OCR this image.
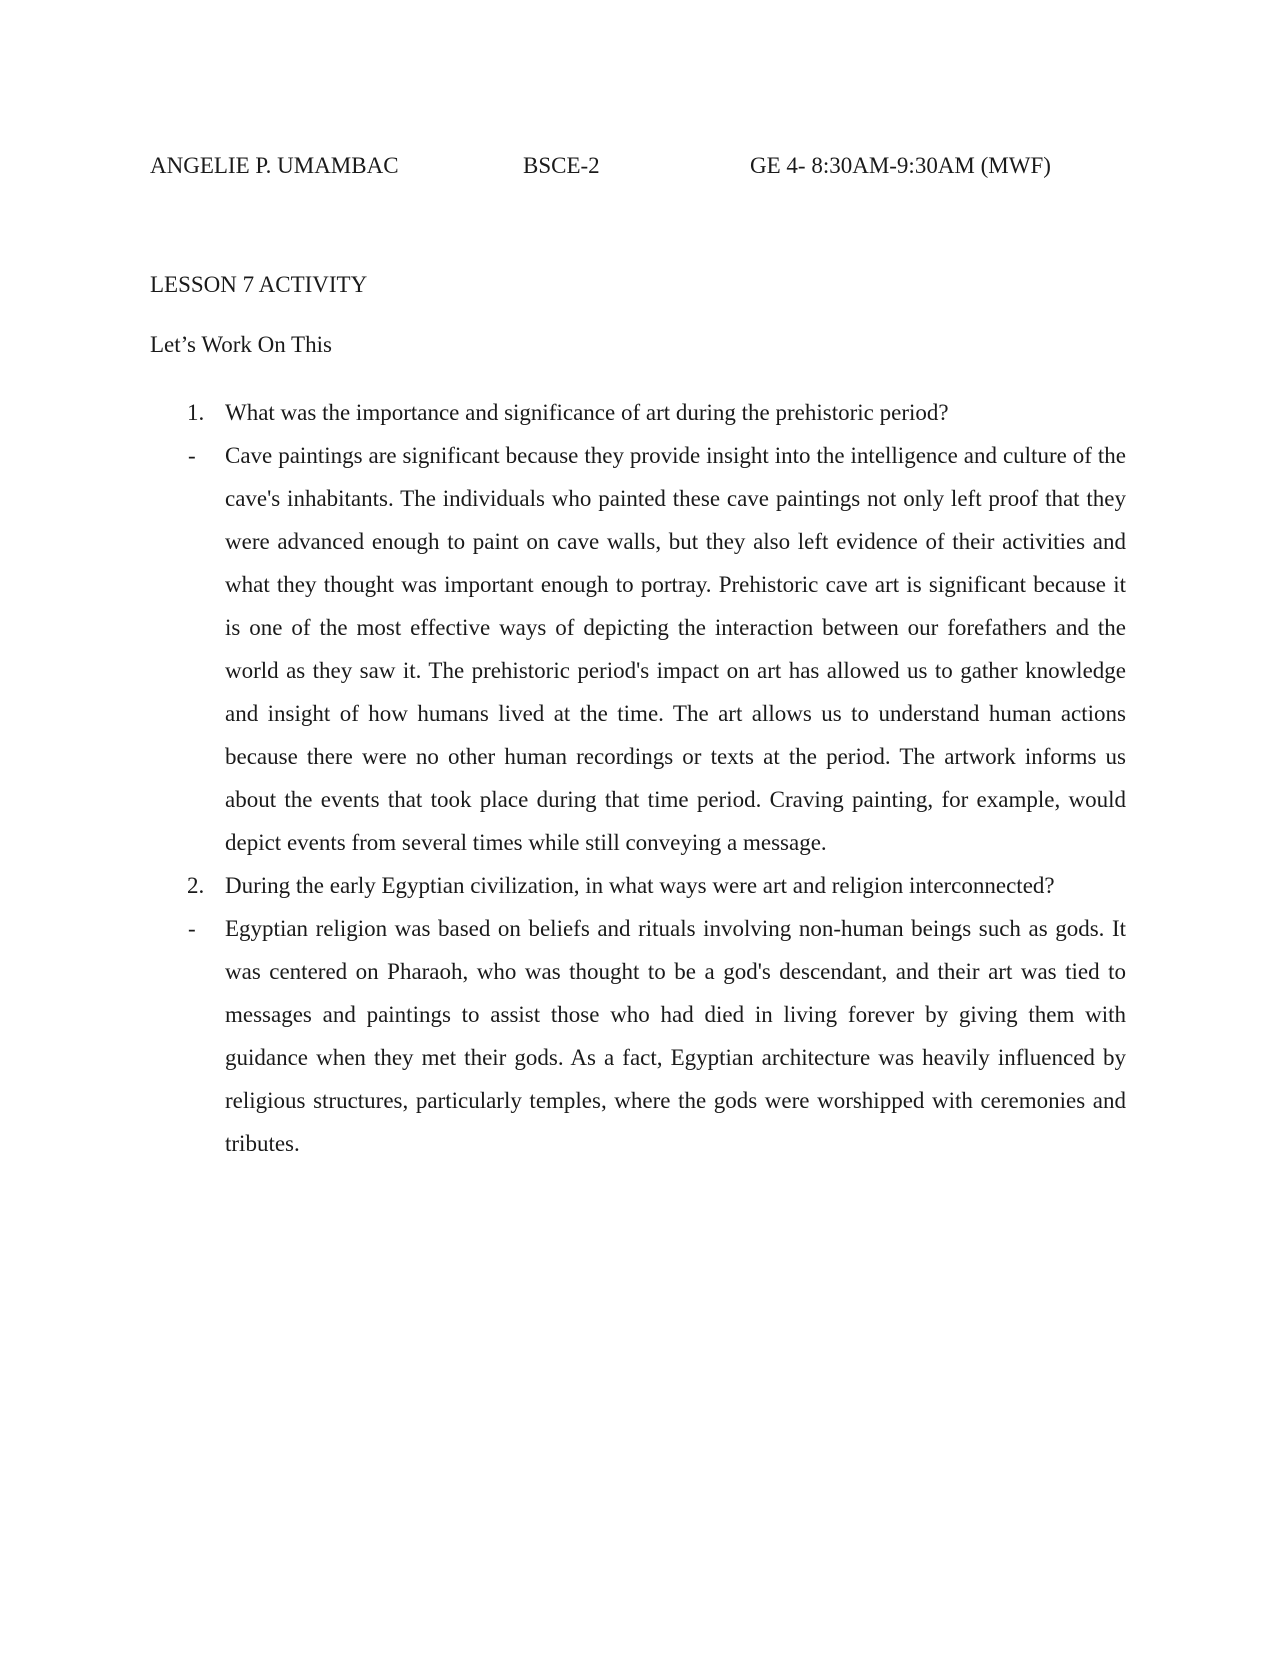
ANGELIE P. UMAMBAC	BSCE-2	GE 4- 8:30AM-9:30AM (MWF)
LESSON 7 ACTIVITY
Let’s Work On This
1. What was the importance and significance of art during the prehistoric period?
- Cave paintings are significant because they provide insight into the intelligence and culture of the cave's inhabitants. The individuals who painted these cave paintings not only left proof that they were advanced enough to paint on cave walls, but they also left evidence of their activities and what they thought was important enough to portray. Prehistoric cave art is significant because it is one of the most effective ways of depicting the interaction between our forefathers and the world as they saw it. The prehistoric period's impact on art has allowed us to gather knowledge and insight of how humans lived at the time. The art allows us to understand human actions because there were no other human recordings or texts at the period. The artwork informs us about the events that took place during that time period. Craving painting, for example, would depict events from several times while still conveying a message.
2. During the early Egyptian civilization, in what ways were art and religion interconnected?
- Egyptian religion was based on beliefs and rituals involving non-human beings such as gods. It was centered on Pharaoh, who was thought to be a god's descendant, and their art was tied to messages and paintings to assist those who had died in living forever by giving them with guidance when they met their gods. As a fact, Egyptian architecture was heavily influenced by religious structures, particularly temples, where the gods were worshipped with ceremonies and tributes.
